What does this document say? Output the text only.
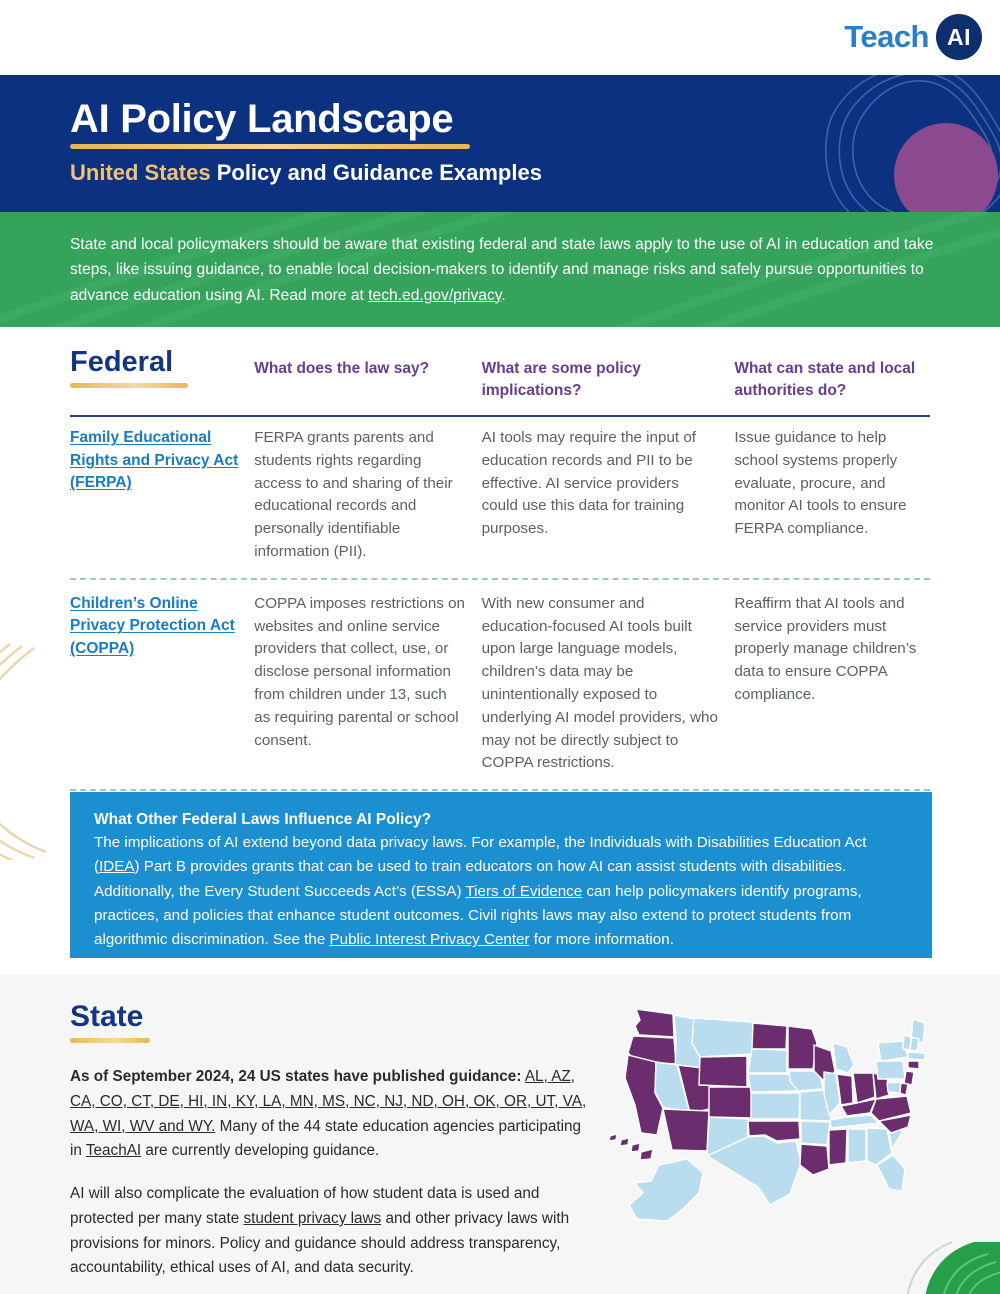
Teach AI
AI Policy Landscape
United States Policy and Guidance Examples
State and local policymakers should be aware that existing federal and state laws apply to the use of AI in education and take steps, like issuing guidance, to enable local decision-makers to identify and manage risks and safely pursue opportunities to advance education using AI. Read more at tech.ed.gov/privacy.
Federal	What does the law say?	What are some policy implications?
What can state and local authorities do?
Family Educational Rights and Privacy Act (FERPA)
FERPA grants parents and students rights regarding access to and sharing of their educational records and personally identifiable information (PII).
AI tools may require the input of education records and PII to be effective. AI service providers could use this data for training purposes.
Issue guidance to help school systems properly evaluate, procure, and monitor AI tools to ensure FERPA compliance.
Children’s Online Privacy Protection Act (COPPA)
COPPA imposes restrictions on websites and online service providers that collect, use, or disclose personal information from children under 13, such as requiring parental or school consent.
With new consumer and education-focused AI tools built upon large language models, children’s data may be unintentionally exposed to underlying AI model providers, who may not be directly subject to COPPA restrictions.
Reaffirm that AI tools and service providers must properly manage children’s data to ensure COPPA compliance.
What Other Federal Laws Influence AI Policy?
The implications of AI extend beyond data privacy laws. For example, the Individuals with Disabilities Education Act (IDEA) Part B provides grants that can be used to train educators on how AI can assist students with disabilities. Additionally, the Every Student Succeeds Act’s (ESSA) Tiers of Evidence can help policymakers identify programs, practices, and policies that enhance student outcomes. Civil rights laws may also extend to protect students from algorithmic discrimination. See the Public Interest Privacy Center for more information.
State
As of September 2024, 24 US states have published guidance: AL, AZ, CA, CO, CT, DE, HI, IN, KY, LA, MN, MS, NC, NJ, ND, OH, OK, OR, UT, VA, WA, WI, WV and WY. Many of the 44 state education agencies participating in TeachAI are currently developing guidance.
AI will also complicate the evaluation of how student data is used and protected per many state student privacy laws and other privacy laws with provisions for minors. Policy and guidance should address transparency, accountability, ethical uses of AI, and data security.
